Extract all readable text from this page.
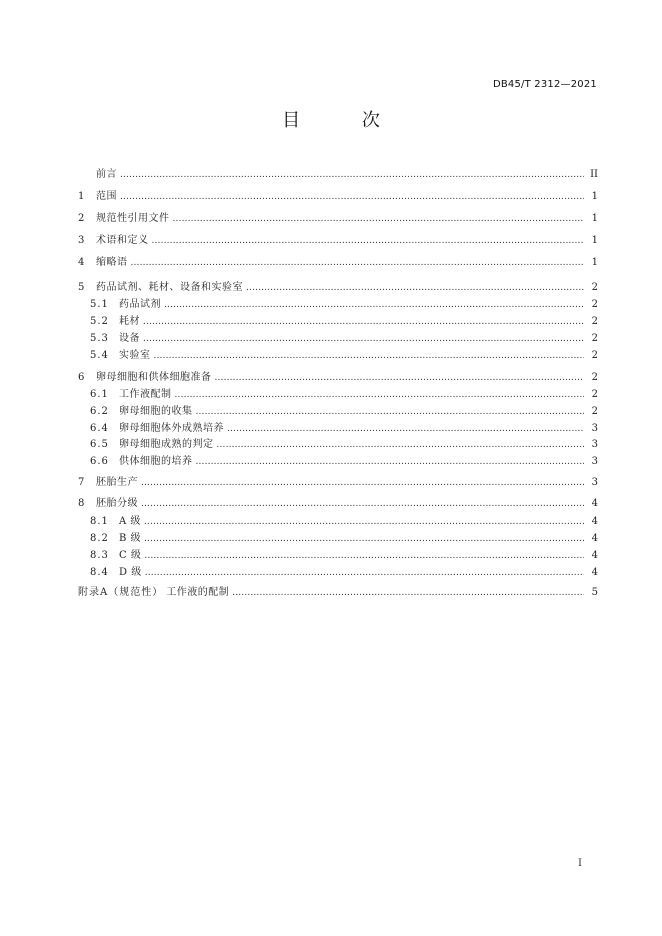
DB45/T 2312—2021
目 次
前言 . . .	II
1	范围 . . .	1
2	规范性引用文件 . . .	1
3	术语和定义 . . .	1
4	缩略语 . . .	1
5	药品试剂、耗材、设备和实验室 . . .	2
5.1	药品试剂 . . .	2
5.2	耗材 . . .	2
5.3	设备 . . .	2
5.4	实验室 . . .	2
6	卵母细胞和供体细胞准备 . . .	2
6.1	工作液配制 . . .	2
6.2	卵母细胞的收集 . . .	2
6.4	卵母细胞体外成熟培养 . . .	3
6.5	卵母细胞成熟的判定 . . .	3
6.6	供体细胞的培养 . . .	3
7	胚胎生产 . . .	3
8	胚胎分级 . . .	4
8.1	A 级 . . .	4
8.2	B 级 . . .	4
8.3	C 级 . . .	4
8.4	D 级 . . .	4
附录A（规范性） 工作液的配制 . . .	5
I
